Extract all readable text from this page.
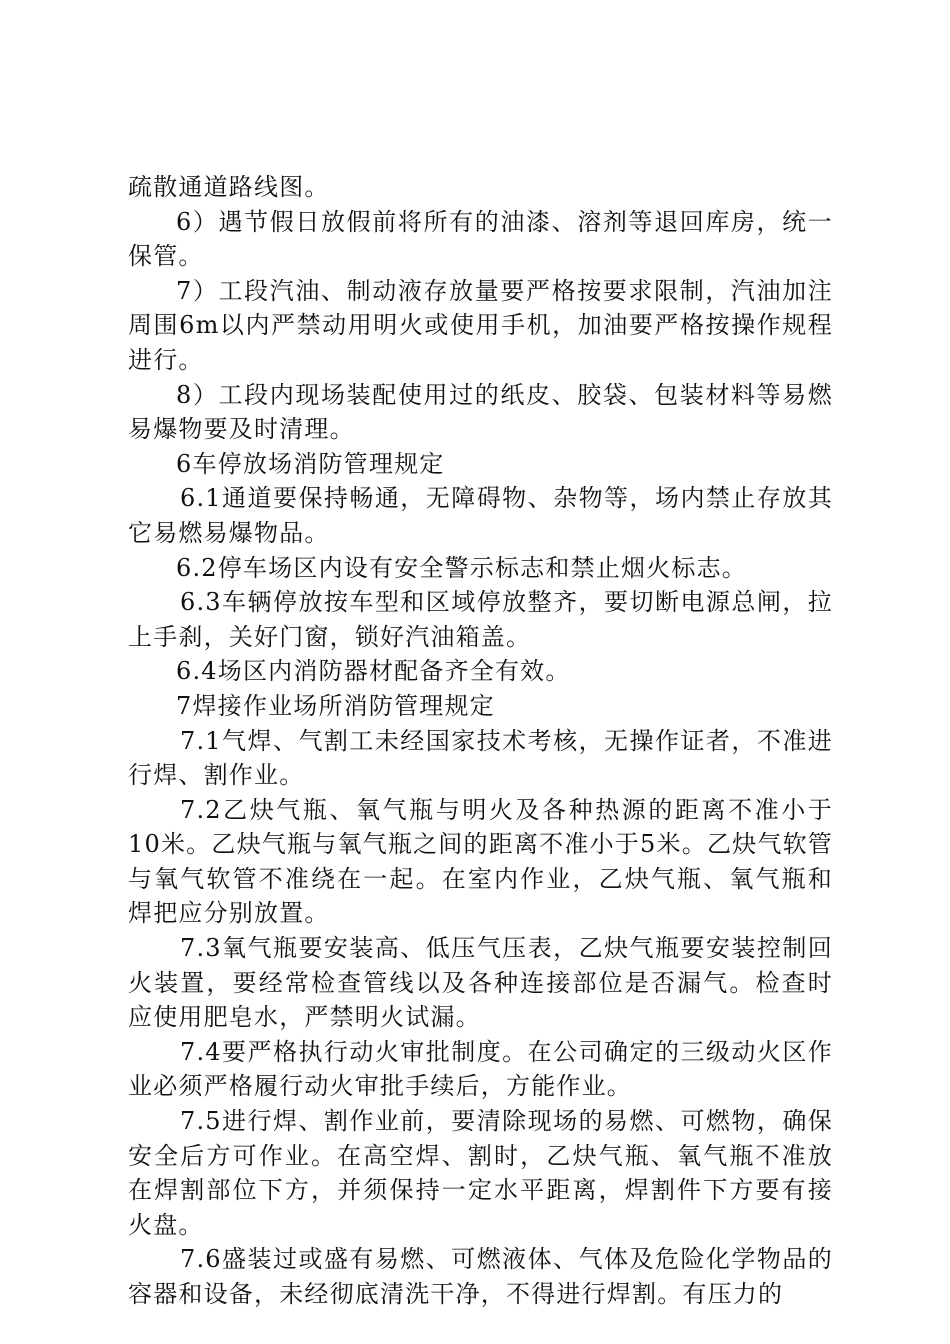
疏散通道路线图。

6）遇节假日放假前将所有的油漆、溶剂等退回库房，统一保管。

7）工段汽油、制动液存放量要严格按要求限制，汽油加注周围6m以内严禁动用明火或使用手机，加油要严格按操作规程进行。

8）工段内现场装配使用过的纸皮、胶袋、包装材料等易燃易爆物要及时清理。

6车停放场消防管理规定

6.1通道要保持畅通，无障碍物、杂物等，场内禁止存放其它易燃易爆物品。

6.2停车场区内设有安全警示标志和禁止烟火标志。

6.3车辆停放按车型和区域停放整齐，要切断电源总闸，拉上手刹，关好门窗，锁好汽油箱盖。

6.4场区内消防器材配备齐全有效。

7焊接作业场所消防管理规定

7.1气焊、气割工未经国家技术考核，无操作证者，不准进行焊、割作业。

7.2乙炔气瓶、氧气瓶与明火及各种热源的距离不准小于10米。乙炔气瓶与氧气瓶之间的距离不准小于5米。乙炔气软管与氧气软管不准绕在一起。在室内作业，乙炔气瓶、氧气瓶和焊把应分别放置。

7.3氧气瓶要安装高、低压气压表，乙炔气瓶要安装控制回火装置，要经常检查管线以及各种连接部位是否漏气。检查时应使用肥皂水，严禁明火试漏。

7.4要严格执行动火审批制度。在公司确定的三级动火区作业必须严格履行动火审批手续后，方能作业。

7.5进行焊、割作业前，要清除现场的易燃、可燃物，确保安全后方可作业。在高空焊、割时，乙炔气瓶、氧气瓶不准放在焊割部位下方，并须保持一定水平距离，焊割件下方要有接火盘。

7.6盛装过或盛有易燃、可燃液体、气体及危险化学物品的容器和设备，未经彻底清洗干净，不得进行焊割。有压力的
